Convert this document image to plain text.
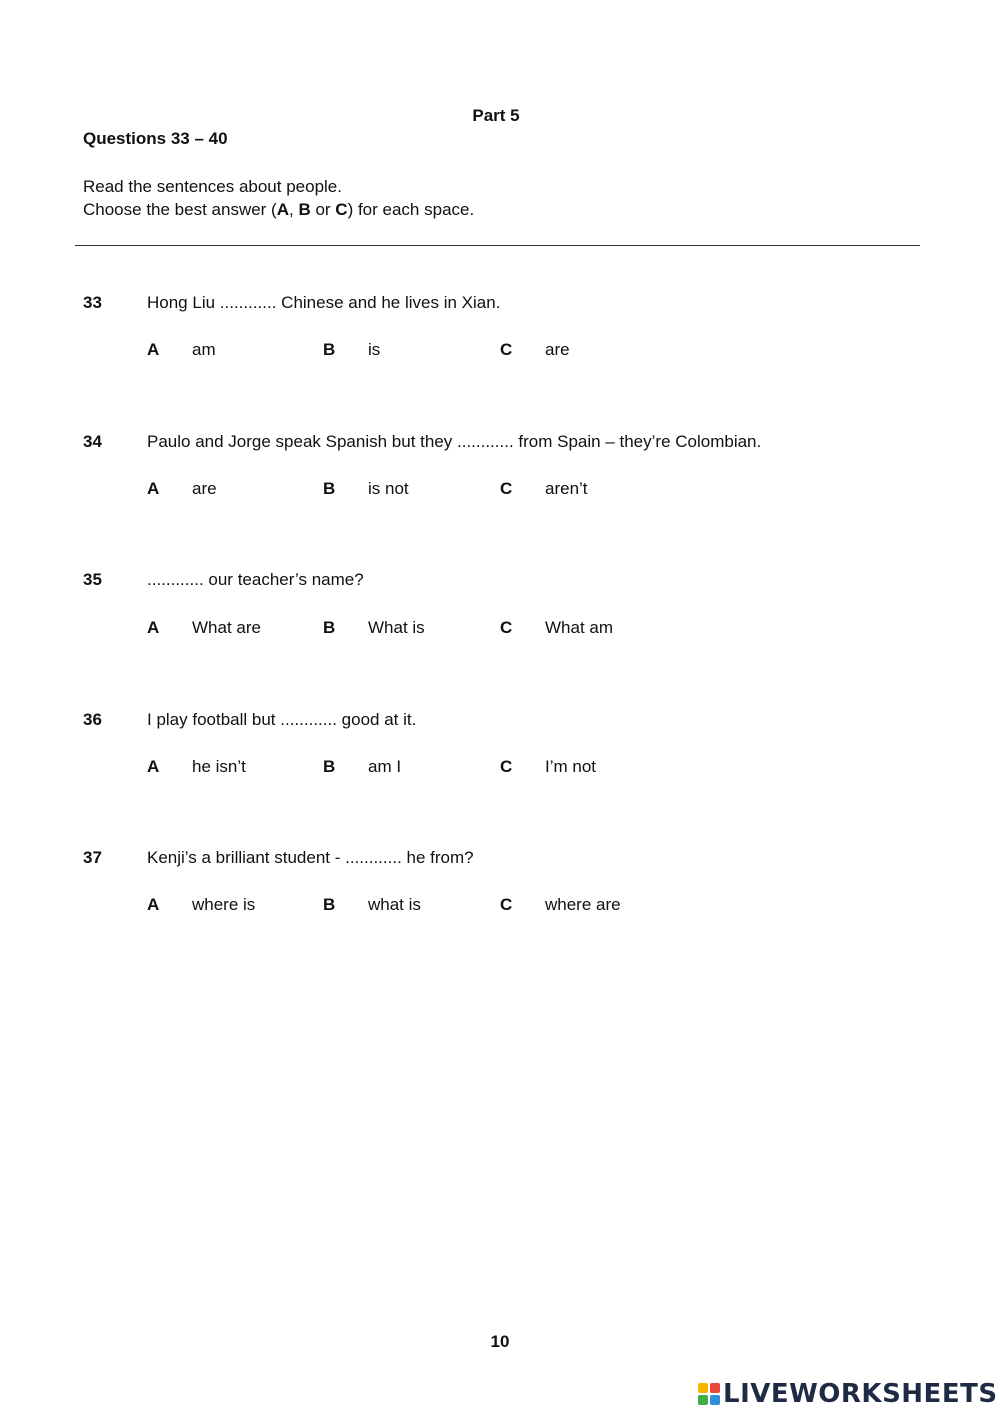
Part 5
Questions 33 – 40
Read the sentences about people.
Choose the best answer (A, B or C) for each space.
33	Hong Liu ............ Chinese and he lives in Xian.
A am	B is	C are
34	Paulo and Jorge speak Spanish but they ............ from Spain – they’re Colombian.
A are	B is not	C aren’t
35	............ our teacher’s name?
A What are	B What is	C What am
36	I play football but ............ good at it.
A he isn’t	B am I	C I’m not
37	Kenji’s a brilliant student - ............ he from?
A where is	B what is	C where are
10
LIVEWORKSHEETS
